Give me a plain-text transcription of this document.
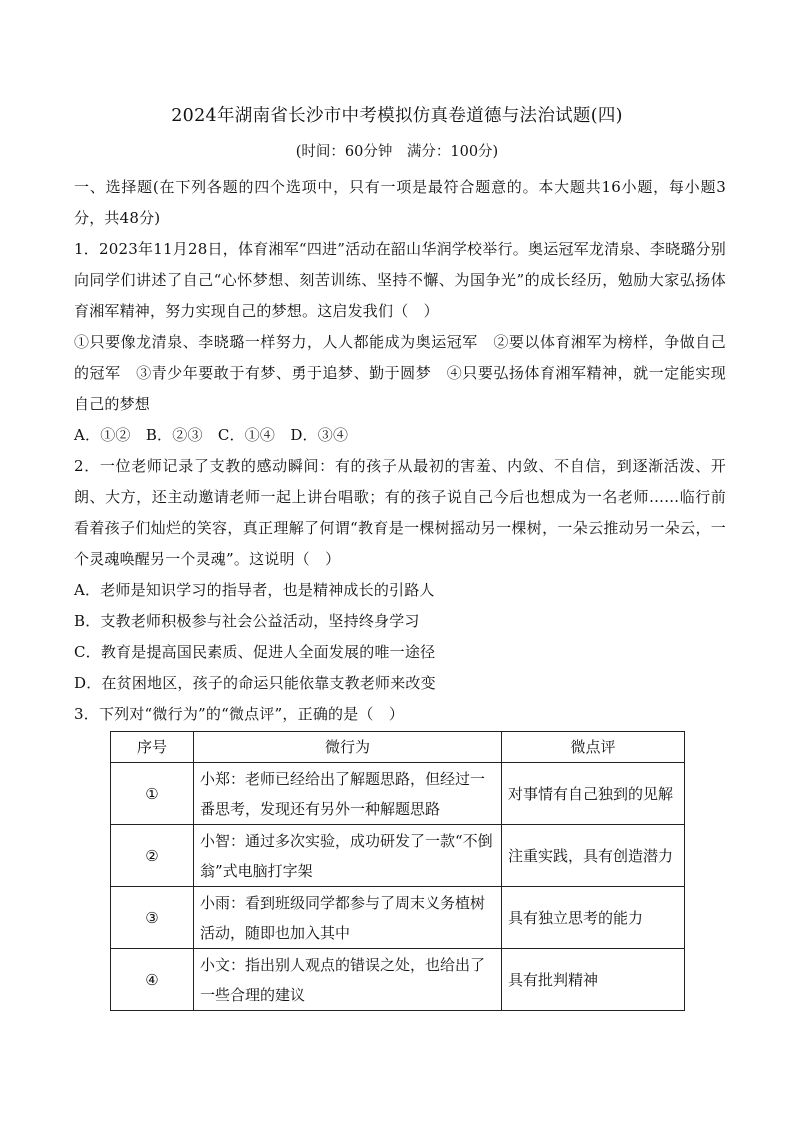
2024年湖南省长沙市中考模拟仿真卷道德与法治试题(四)
(时间：60分钟　满分：100分)

一、选择题(在下列各题的四个选项中，只有一项是最符合题意的。本大题共16小题，每小题3分，共48分)

1．2023年11月28日，体育湘军“四进”活动在韶山华润学校举行。奥运冠军龙清泉、李晓璐分别向同学们讲述了自己“心怀梦想、刻苦训练、坚持不懈、为国争光”的成长经历，勉励大家弘扬体育湘军精神，努力实现自己的梦想。这启发我们（　）

①只要像龙清泉、李晓璐一样努力，人人都能成为奥运冠军　②要以体育湘军为榜样，争做自己的冠军　③青少年要敢于有梦、勇于追梦、勤于圆梦　④只要弘扬体育湘军精神，就一定能实现自己的梦想

A．①②　B．②③　C．①④　D．③④

2．一位老师记录了支教的感动瞬间：有的孩子从最初的害羞、内敛、不自信，到逐渐活泼、开朗、大方，还主动邀请老师一起上讲台唱歌；有的孩子说自己今后也想成为一名老师……临行前看着孩子们灿烂的笑容，真正理解了何谓“教育是一棵树摇动另一棵树，一朵云推动另一朵云，一个灵魂唤醒另一个灵魂”。这说明（　）

A．老师是知识学习的指导者，也是精神成长的引路人

B．支教老师积极参与社会公益活动，坚持终身学习

C．教育是提高国民素质、促进人全面发展的唯一途径

D．在贫困地区，孩子的命运只能依靠支教老师来改变

3．下列对“微行为”的“微点评”，正确的是（　）

序号	微行为	微点评
①	小郑：老师已经给出了解题思路，但经过一番思考，发现还有另外一种解题思路	对事情有自己独到的见解
②	小智：通过多次实验，成功研发了一款“不倒翁”式电脑打字架	注重实践，具有创造潜力
③	小雨：看到班级同学都参与了周末义务植树活动，随即也加入其中	具有独立思考的能力
④	小文：指出别人观点的错误之处，也给出了一些合理的建议	具有批判精神
